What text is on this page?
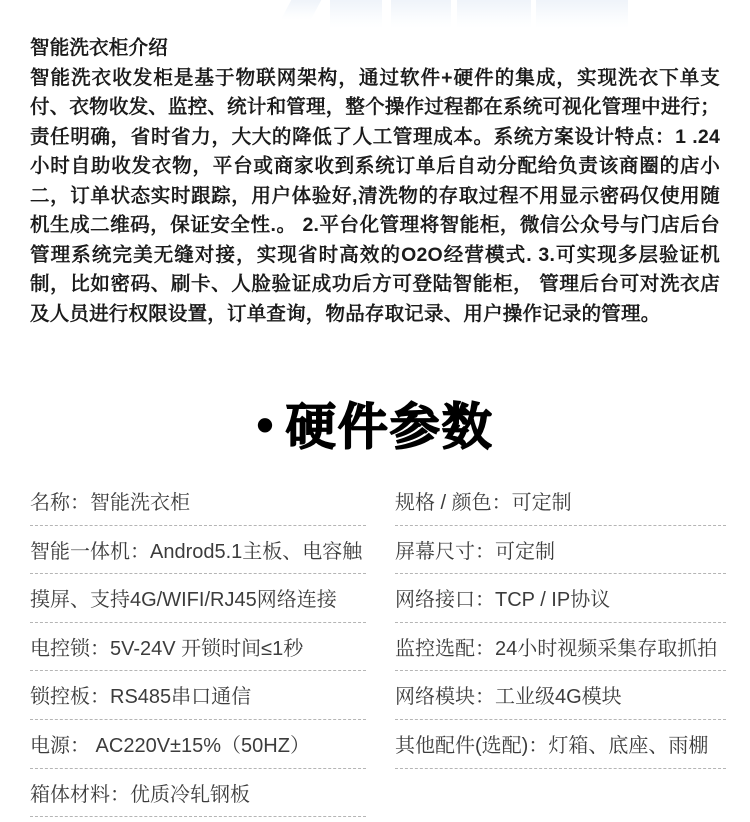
智能洗衣柜介绍
智能洗衣收发柜是基于物联网架构，通过软件+硬件的集成，实现洗衣下单支付、衣物收发、监控、统计和管理，整个操作过程都在系统可视化管理中进行；责任明确，省时省力，大大的降低了人工管理成本。系统方案设计特点：1 .24小时自助收发衣物，平台或商家收到系统订单后自动分配给负责该商圈的店小二，订单状态实时跟踪，用户体验好,清洗物的存取过程不用显示密码仅使用随机生成二维码，保证安全性.。 2.平台化管理将智能柜，微信公众号与门店后台管理系统完美无缝对接，实现省时高效的O2O经营模式. 3.可实现多层验证机制，比如密码、刷卡、人脸验证成功后方可登陆智能柜， 管理后台可对洗衣店及人员进行权限设置，订单查询，物品存取记录、用户操作记录的管理。
• 硬件参数
名称：智能洗衣柜
智能一体机：Androd5.1主板、电容触
摸屏、支持4G/WIFI/RJ45网络连接
电控锁：5V-24V 开锁时间≤1秒
锁控板：RS485串口通信
电源： AC220V±15%（50HZ）
箱体材料：优质冷轧钢板
规格 / 颜色：可定制
屏幕尺寸：可定制
网络接口：TCP / IP协议
监控选配：24小时视频采集存取抓拍
网络模块：工业级4G模块
其他配件(选配)：灯箱、底座、雨棚
